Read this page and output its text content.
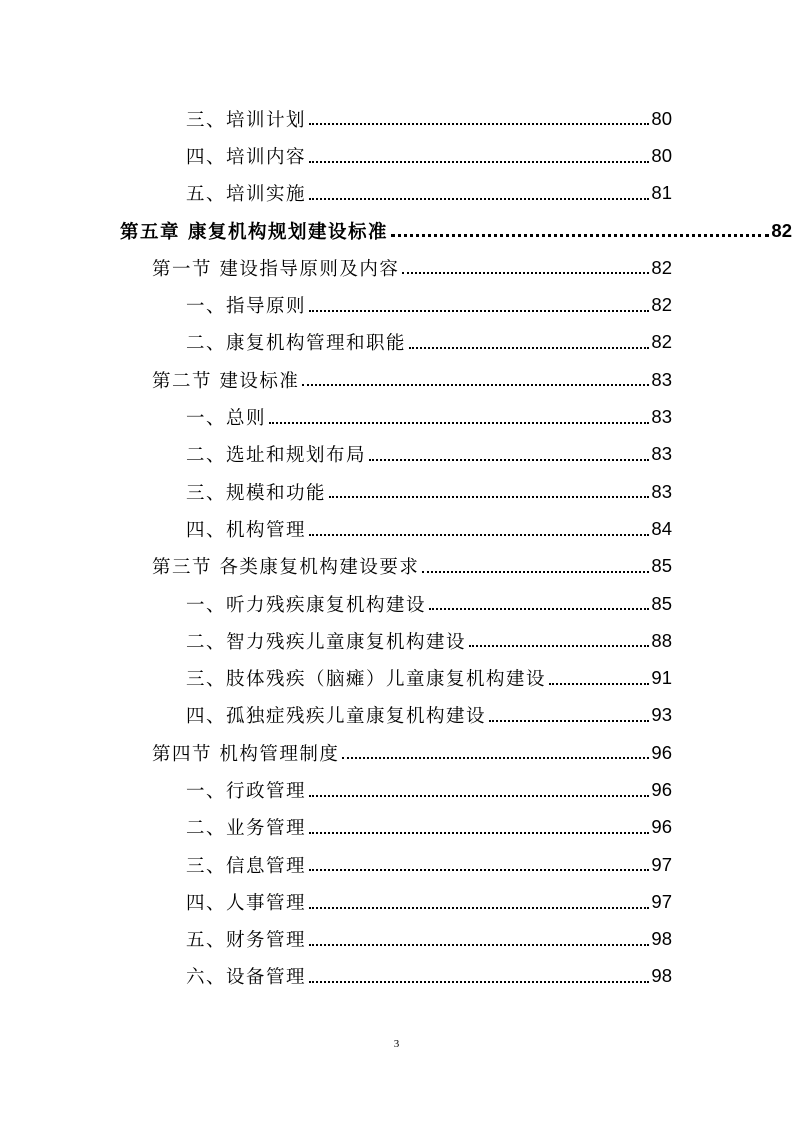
三、培训计划	80
四、培训内容	80
五、培训实施	81
第五章 康复机构规划建设标准	82
第一节 建设指导原则及内容	82
一、指导原则	82
二、康复机构管理和职能	82
第二节 建设标准	83
一、总则	83
二、选址和规划布局	83
三、规模和功能	83
四、机构管理	84
第三节 各类康复机构建设要求	85
一、听力残疾康复机构建设	85
二、智力残疾儿童康复机构建设	88
三、肢体残疾（脑瘫）儿童康复机构建设	91
四、孤独症残疾儿童康复机构建设	93
第四节 机构管理制度	96
一、行政管理	96
二、业务管理	96
三、信息管理	97
四、人事管理	97
五、财务管理	98
六、设备管理	98
3
